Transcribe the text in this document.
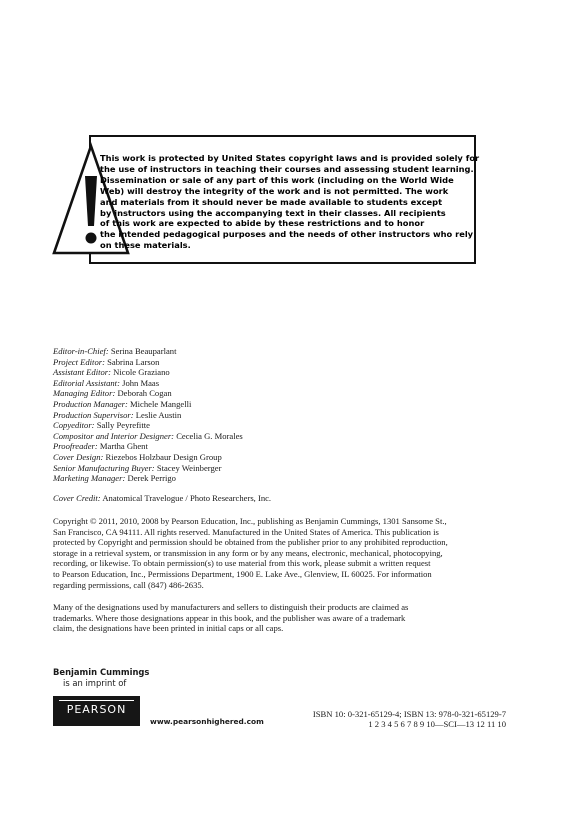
This work is protected by United States copyright laws and is provided solely for
the use of instructors in teaching their courses and assessing student learning.
Dissemination or sale of any part of this work (including on the World Wide
Web) will destroy the integrity of the work and is not permitted. The work
and materials from it should never be made available to students except
by instructors using the accompanying text in their classes. All recipients
of this work are expected to abide by these restrictions and to honor
the intended pedagogical purposes and the needs of other instructors who rely
on these materials.
Editor-in-Chief: Serina Beauparlant
Project Editor: Sabrina Larson
Assistant Editor: Nicole Graziano
Editorial Assistant: John Maas
Managing Editor: Deborah Cogan
Production Manager: Michele Mangelli
Production Supervisor: Leslie Austin
Copyeditor: Sally Peyrefitte
Compositor and Interior Designer: Cecelia G. Morales
Proofreader: Martha Ghent
Cover Design: Riezebos Holzbaur Design Group
Senior Manufacturing Buyer: Stacey Weinberger
Marketing Manager: Derek Perrigo

Cover Credit: Anatomical Travelogue / Photo Researchers, Inc.

Copyright © 2011, 2010, 2008 by Pearson Education, Inc., publishing as Benjamin Cummings, 1301 Sansome St.,
San Francisco, CA 94111. All rights reserved. Manufactured in the United States of America. This publication is
protected by Copyright and permission should be obtained from the publisher prior to any prohibited reproduction,
storage in a retrieval system, or transmission in any form or by any means, electronic, mechanical, photocopying,
recording, or likewise. To obtain permission(s) to use material from this work, please submit a written request
to Pearson Education, Inc., Permissions Department, 1900 E. Lake Ave., Glenview, IL 60025. For information
regarding permissions, call (847) 486-2635.
Many of the designations used by manufacturers and sellers to distinguish their products are claimed as
trademarks. Where those designations appear in this book, and the publisher was aware of a trademark
claim, the designations have been printed in initial caps or all caps.

Benjamin Cummings

is an imprint of

PEARSON

www.pearsonhighered.com

ISBN 10: 0-321-65129-4; ISBN 13: 978-0-321-65129-7
1 2 3 4 5 6 7 8 9 10—SCI—13 12 11 10
